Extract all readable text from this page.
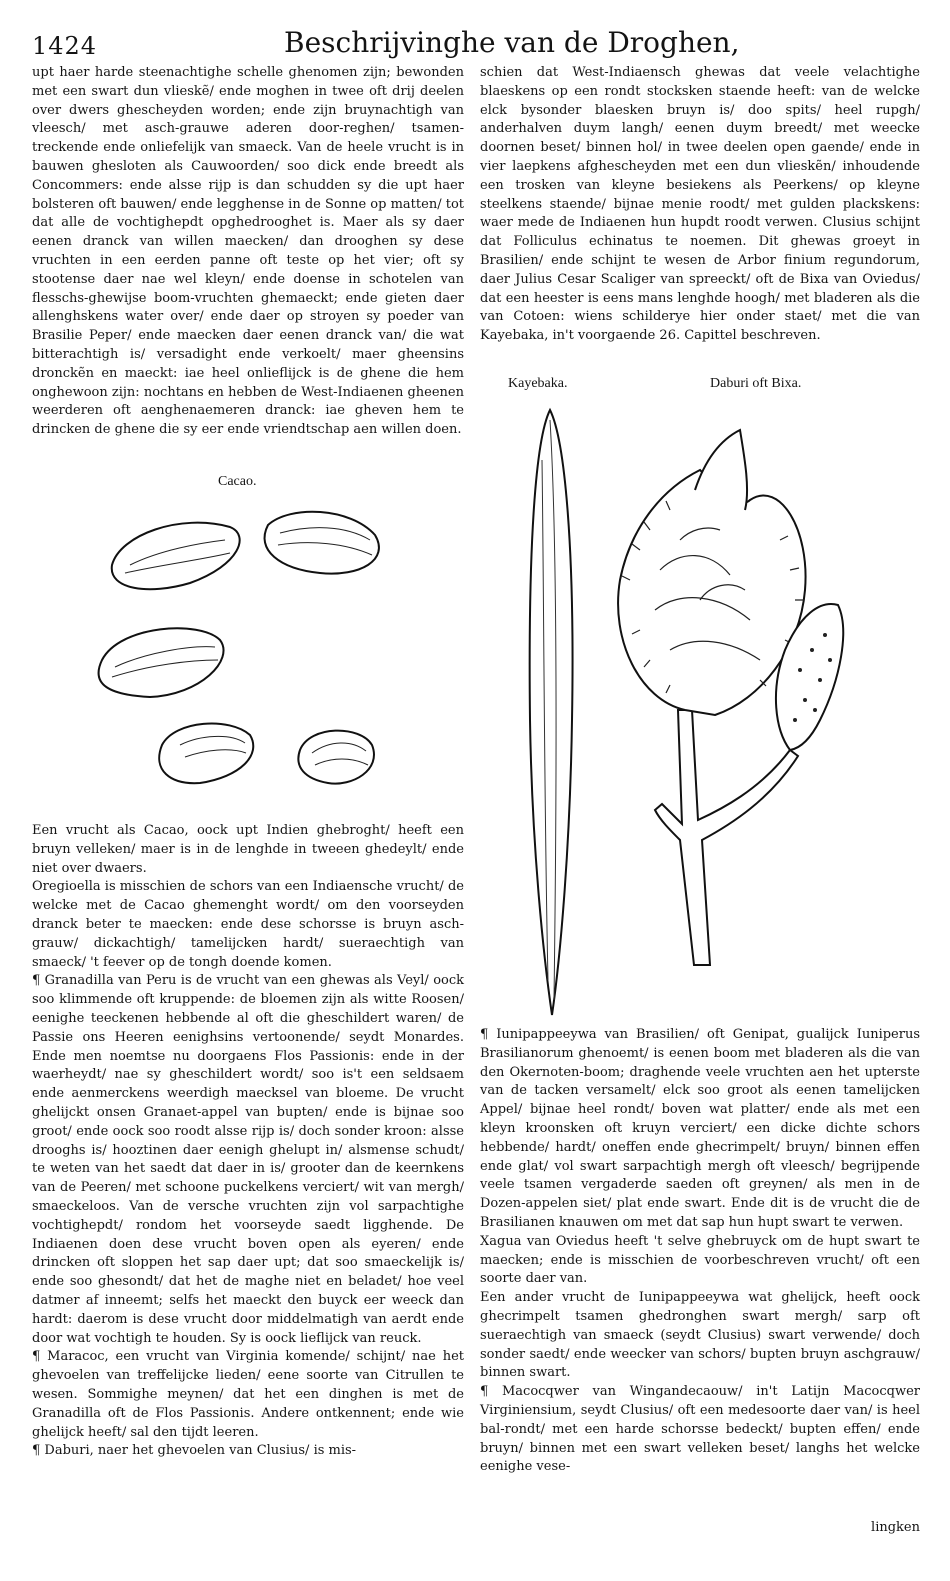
1424	Beschrijvinghe van de Droghen,

upt haer harde steenachtighe schelle ghenomen zijn; bewonden met een swart dun vlieskẽ/ ende moghen in twee oft drij deelen over dwers ghescheyden worden; ende zijn bruynachtigh van vleesch/ met asch-grauwe aderen door-reghen/ tsamen-treckende ende onliefelijk van smaeck. Van de heele vrucht is in bauwen ghesloten als Cauwoorden/ soo dick ende breedt als Concommers: ende alsse rijp is dan schudden sy die upt haer bolsteren oft bauwen/ ende legghense in de Sonne op matten/ tot dat alle de vochtighepdt opghedrooghet is. Maer als sy daer eenen dranck van willen maecken/ dan drooghen sy dese vruchten in een eerden panne oft teste op het vier; oft sy stootense daer nae wel kleyn/ ende doense in schotelen van flesschs-ghewijse boom-vruchten ghemaeckt; ende gieten daer allenghskens water over/ ende daer op stroyen sy poeder van Brasilie Peper/ ende maecken daer eenen dranck van/ die wat bitterachtigh is/ versadight ende verkoelt/ maer gheensins dronckẽn en maeckt: iae heel onlieflijck is de ghene die hem onghewoon zijn: nochtans en hebben de West-Indiaenen gheenen weerderen oft aenghenaemeren dranck: iae gheven hem te drincken de ghene die sy eer ende vriendtschap aen willen doen.

Cacao.

Een vrucht als Cacao, oock upt Indien ghebroght/ heeft een bruyn velleken/ maer is in de lenghde in tweeen ghedeylt/ ende niet over dwaers.

Oregioella is misschien de schors van een Indiaensche vrucht/ de welcke met de Cacao ghemenght wordt/ om den voorseyden dranck beter te maecken: ende dese schorsse is bruyn asch-grauw/ dickachtigh/ tamelijcken hardt/ sueraechtigh van smaeck/ 't feever op de tongh doende komen.

¶ Granadilla van Peru is de vrucht van een ghewas als Veyl/ oock soo klimmende oft kruppende: de bloemen zijn als witte Roosen/ eenighe teeckenen hebbende al oft die gheschildert waren/ de Passie ons Heeren eenighsins vertoonende/ seydt Monardes. Ende men noemtse nu doorgaens Flos Passionis: ende in der waerheydt/ nae sy gheschildert wordt/ soo is't een seldsaem ende aenmerckens weerdigh maecksel van bloeme. De vrucht ghelijckt onsen Granaet-appel van bupten/ ende is bijnae soo groot/ ende oock soo roodt alsse rijp is/ doch sonder kroon: alsse drooghs is/ hooztinen daer eenigh ghelupt in/ alsmense schudt/ te weten van het saedt dat daer in is/ grooter dan de keernkens van de Peeren/ met schoone puckelkens verciert/ wit van mergh/ smaeckeloos. Van de versche vruchten zijn vol sarpachtighe vochtighepdt/ rondom het voorseyde saedt ligghende. De Indiaenen doen dese vrucht boven open als eyeren/ ende drincken oft sloppen het sap daer upt; dat soo smaeckelijk is/ ende soo ghesondt/ dat het de maghe niet en beladet/ hoe veel datmer af inneemt; selfs het maeckt den buyck eer weeck dan hardt: daerom is dese vrucht door middelmatigh van aerdt ende door wat vochtigh te houden. Sy is oock lieflijck van reuck.

¶ Maracoc, een vrucht van Virginia komende/ schijnt/ nae het ghevoelen van treffelijcke lieden/ eene soorte van Citrullen te wesen. Sommighe meynen/ dat het een dinghen is met de Granadilla oft de Flos Passionis. Andere ontkennent; ende wie ghelijck heeft/ sal den tijdt leeren.

¶ Daburi, naer het ghevoelen van Clusius/ is mis-

schien dat West-Indiaensch ghewas dat veele velachtighe blaeskens op een rondt stocksken staende heeft: van de welcke elck bysonder blaesken bruyn is/ doo spits/ heel rupgh/ anderhalven duym langh/ eenen duym breedt/ met weecke doornen beset/ binnen hol/ in twee deelen open gaende/ ende in vier laepkens afghescheyden met een dun vlieskẽn/ inhoudende een trosken van kleyne besiekens als Peerkens/ op kleyne steelkens staende/ bijnae menie roodt/ met gulden plackskens: waer mede de Indiaenen hun hupdt roodt verwen. Clusius schijnt dat Folliculus echinatus te noemen. Dit ghewas groeyt in Brasilien/ ende schijnt te wesen de Arbor finium regundorum, daer Julius Cesar Scaliger van spreeckt/ oft de Bixa van Oviedus/ dat een heester is eens mans lenghde hoogh/ met bladeren als die van Cotoen: wiens schilderye hier onder staet/ met die van Kayebaka, in't voorgaende 26. Capittel beschreven.

Kayebaka.	Daburi oft Bixa.

¶ Iunipappeeywa van Brasilien/ oft Genipat, gualijck Iuniperus Brasilianorum ghenoemt/ is eenen boom met bladeren als die van den Okernoten-boom; draghende veele vruchten aen het upterste van de tacken versamelt/ elck soo groot als eenen tamelijcken Appel/ bijnae heel rondt/ boven wat platter/ ende als met een kleyn kroonsken oft kruyn verciert/ een dicke dichte schors hebbende/ hardt/ oneffen ende ghecrimpelt/ bruyn/ binnen effen ende glat/ vol swart sarpachtigh mergh oft vleesch/ begrijpende veele tsamen vergaderde saeden oft greynen/ als men in de Dozen-appelen siet/ plat ende swart. Ende dit is de vrucht die de Brasilianen knauwen om met dat sap hun hupt swart te verwen.

Xagua van Oviedus heeft 't selve ghebruyck om de hupt swart te maecken; ende is misschien de voorbeschreven vrucht/ oft een soorte daer van.

Een ander vrucht de Iunipappeeywa wat ghelijck, heeft oock ghecrimpelt tsamen ghedronghen swart mergh/ sarp oft sueraechtigh van smaeck (seydt Clusius) swart verwende/ doch sonder saedt/ ende weecker van schors/ bupten bruyn aschgrauw/ binnen swart.

¶ Macocqwer van Wingandecaouw/ in't Latijn Macocqwer Virginiensium, seydt Clusius/ oft een medesoorte daer van/ is heel bal-rondt/ met een harde schorsse bedeckt/ bupten effen/ ende bruyn/ binnen met een swart velleken beset/ langhs het welcke eenighe vese-

lingken
